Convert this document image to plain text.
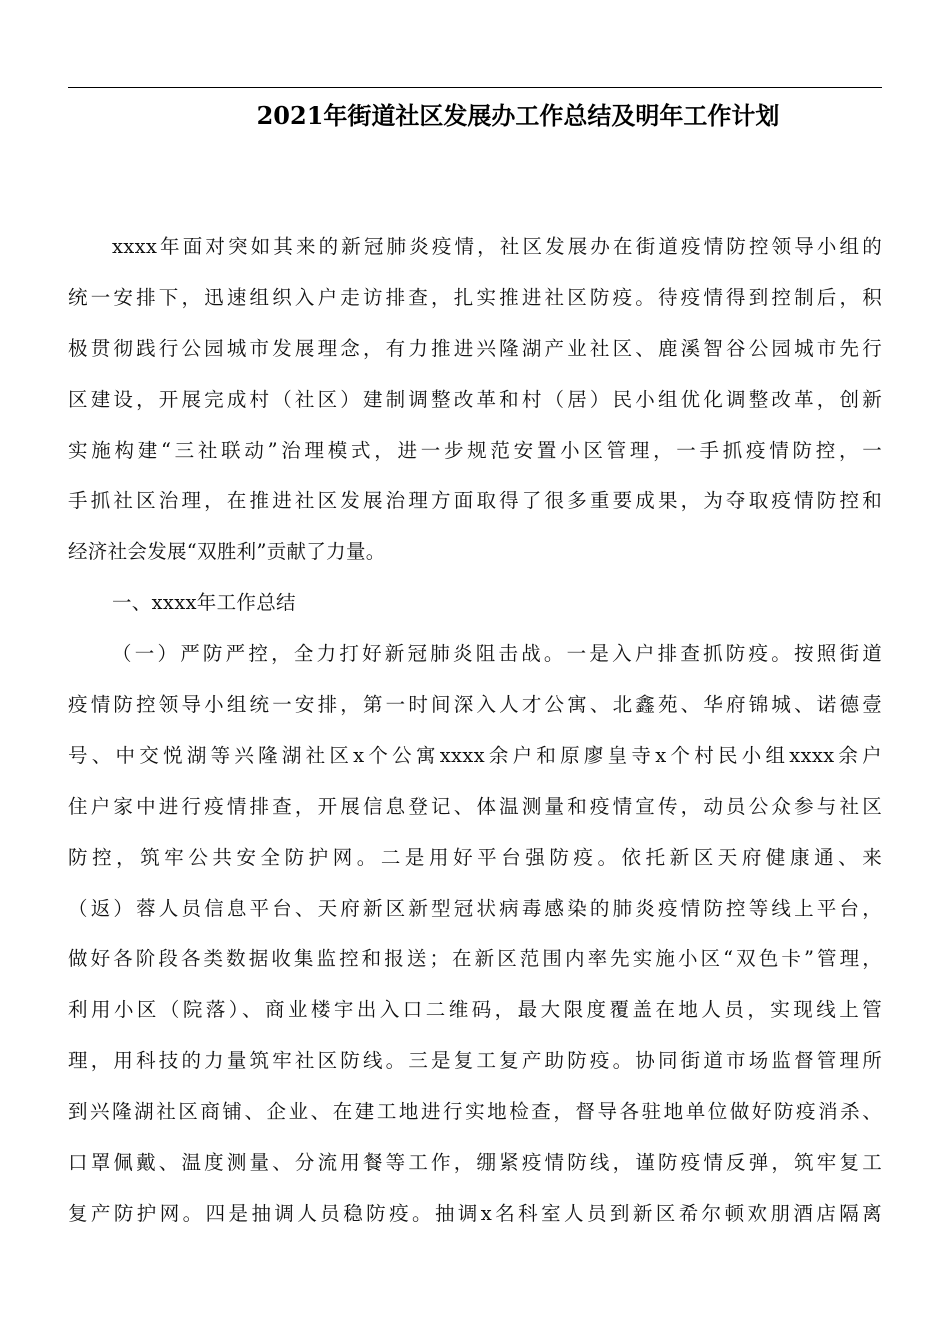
2021年街道社区发展办工作总结及明年工作计划
xxxx年面对突如其来的新冠肺炎疫情，社区发展办在街道疫情防控领导小组的
统一安排下，迅速组织入户走访排查，扎实推进社区防疫。待疫情得到控制后，积
极贯彻践行公园城市发展理念，有力推进兴隆湖产业社区、鹿溪智谷公园城市先行
区建设，开展完成村（社区）建制调整改革和村（居）民小组优化调整改革，创新
实施构建“三社联动”治理模式，进一步规范安置小区管理，一手抓疫情防控，一
手抓社区治理，在推进社区发展治理方面取得了很多重要成果，为夺取疫情防控和
经济社会发展“双胜利”贡献了力量。
一、xxxx年工作总结
（一）严防严控，全力打好新冠肺炎阻击战。一是入户排查抓防疫。按照街道
疫情防控领导小组统一安排，第一时间深入人才公寓、北鑫苑、华府锦城、诺德壹
号、中交悦湖等兴隆湖社区x个公寓xxxx余户和原廖皇寺x个村民小组xxxx余户
住户家中进行疫情排查，开展信息登记、体温测量和疫情宣传，动员公众参与社区
防控，筑牢公共安全防护网。二是用好平台强防疫。依托新区天府健康通、来
（返）蓉人员信息平台、天府新区新型冠状病毒感染的肺炎疫情防控等线上平台，
做好各阶段各类数据收集监控和报送；在新区范围内率先实施小区“双色卡”管理，
利用小区（院落）、商业楼宇出入口二维码，最大限度覆盖在地人员，实现线上管
理，用科技的力量筑牢社区防线。三是复工复产助防疫。协同街道市场监督管理所
到兴隆湖社区商铺、企业、在建工地进行实地检查，督导各驻地单位做好防疫消杀、
口罩佩戴、温度测量、分流用餐等工作，绷紧疫情防线，谨防疫情反弹，筑牢复工
复产防护网。四是抽调人员稳防疫。抽调x名科室人员到新区希尔顿欢朋酒店隔离
